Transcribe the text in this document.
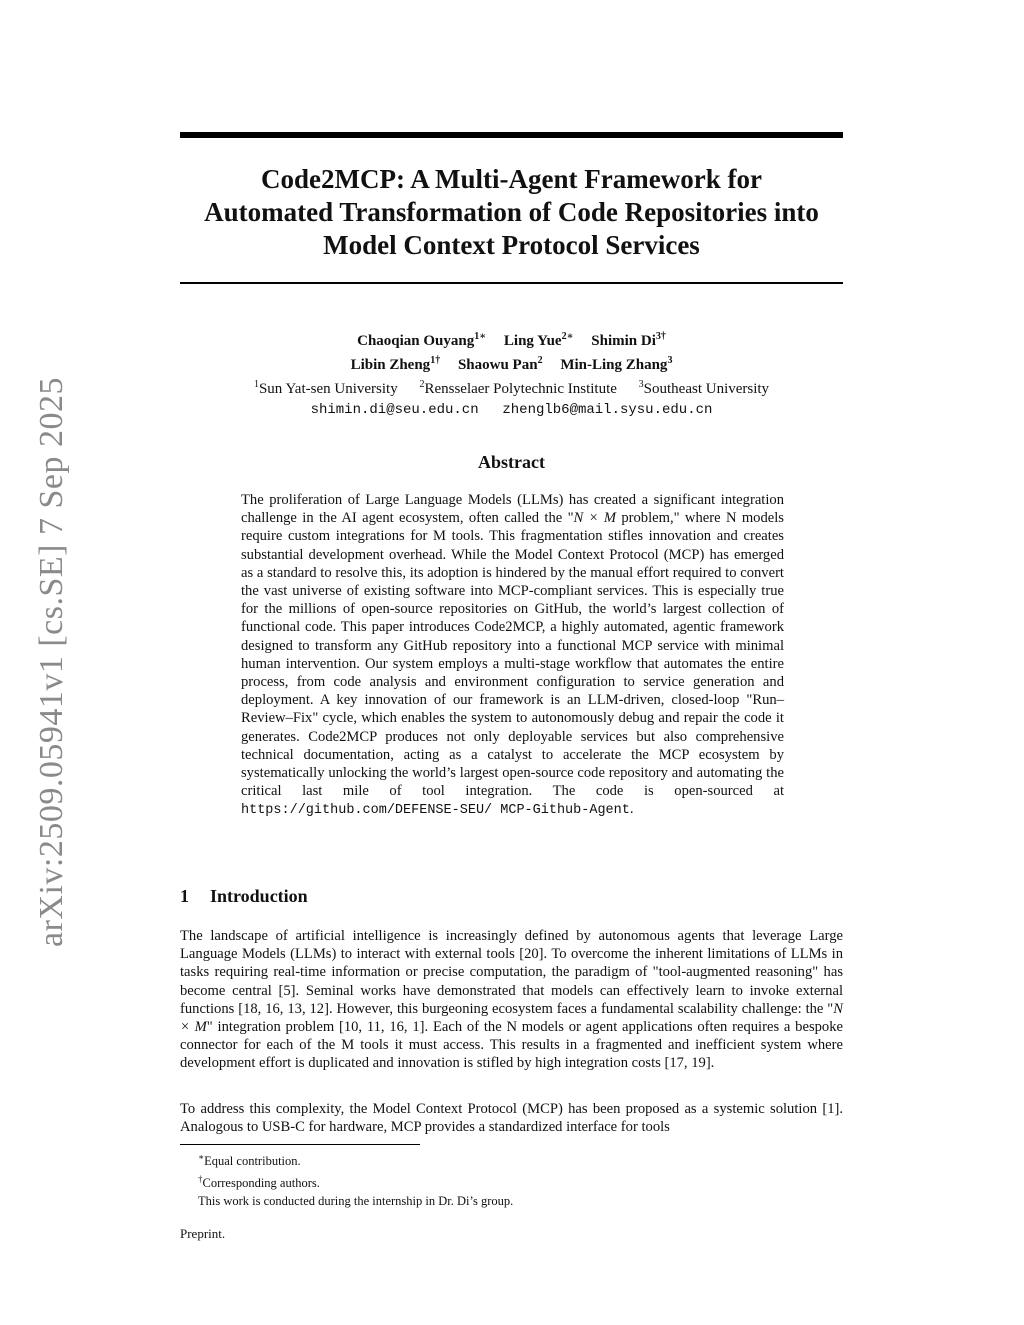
arXiv:2509.05941v1 [cs.SE] 7 Sep 2025
Code2MCP: A Multi-Agent Framework for
Automated Transformation of Code Repositories into
Model Context Protocol Services
Chaoqian Ouyang$^{1∗}$ Ling Yue$^{2∗}$ Shimin $Di^{3\dagger}$
Libin Zheng$^{1\dagger}$ Shaowu Pan$^2$ Min-Ling Zhang$^3$
$^1$Sun Yat-sen University $^2$Rensselaer Polytechnic Institute $^3$Southeast University
shimin.di@seu.edu.cn zhenglb6@mail.sysu.edu.cn
Abstract

The proliferation of Large Language Models (LLMs) has created a significant integration challenge in the AI agent ecosystem, often called the "N × M problem," where N models require custom integrations for M tools. This fragmentation stifles innovation and creates substantial development overhead. While the Model Context Protocol (MCP) has emerged as a standard to resolve this, its adoption is hindered by the manual effort required to convert the vast universe of existing software into MCP-compliant services. This is especially true for the millions of open-source repositories on GitHub, the world’s largest collection of functional code. This paper introduces Code2MCP, a highly automated, agentic framework designed to transform any GitHub repository into a functional MCP service with minimal human intervention. Our system employs a multi-stage workflow that automates the entire process, from code analysis and environment configuration to service generation and deployment. A key innovation of our framework is an LLM-driven, closed-loop "Run–Review–Fix" cycle, which enables the system to autonomously debug and repair the code it generates. Code2MCP produces not only deployable services but also comprehensive technical documentation, acting as a catalyst to accelerate the MCP ecosystem by systematically unlocking the world’s largest open-source code repository and automating the critical last mile of tool integration. The code is open-sourced at https://github.com/DEFENSE-SEU/ MCP-Github-Agent.

1 Introduction

The landscape of artificial intelligence is increasingly defined by autonomous agents that leverage Large Language Models (LLMs) to interact with external tools [20]. To overcome the inherent limitations of LLMs in tasks requiring real-time information or precise computation, the paradigm of "tool-augmented reasoning" has become central [5]. Seminal works have demonstrated that models can effectively learn to invoke external functions [18, 16, 13, 12]. However, this burgeoning ecosystem faces a fundamental scalability challenge: the "N × M" integration problem [10, 11, 16, 1]. Each of the N models or agent applications often requires a bespoke connector for each of the M tools it must access. This results in a fragmented and inefficient system where development effort is duplicated and innovation is stifled by high integration costs [17, 19].

To address this complexity, the Model Context Protocol (MCP) has been proposed as a systemic solution [1]. Analogous to USB-C for hardware, MCP provides a standardized interface for tools

∗Equal contribution.
†Corresponding authors.
This work is conducted during the internship in Dr. Di’s group.
Preprint.
